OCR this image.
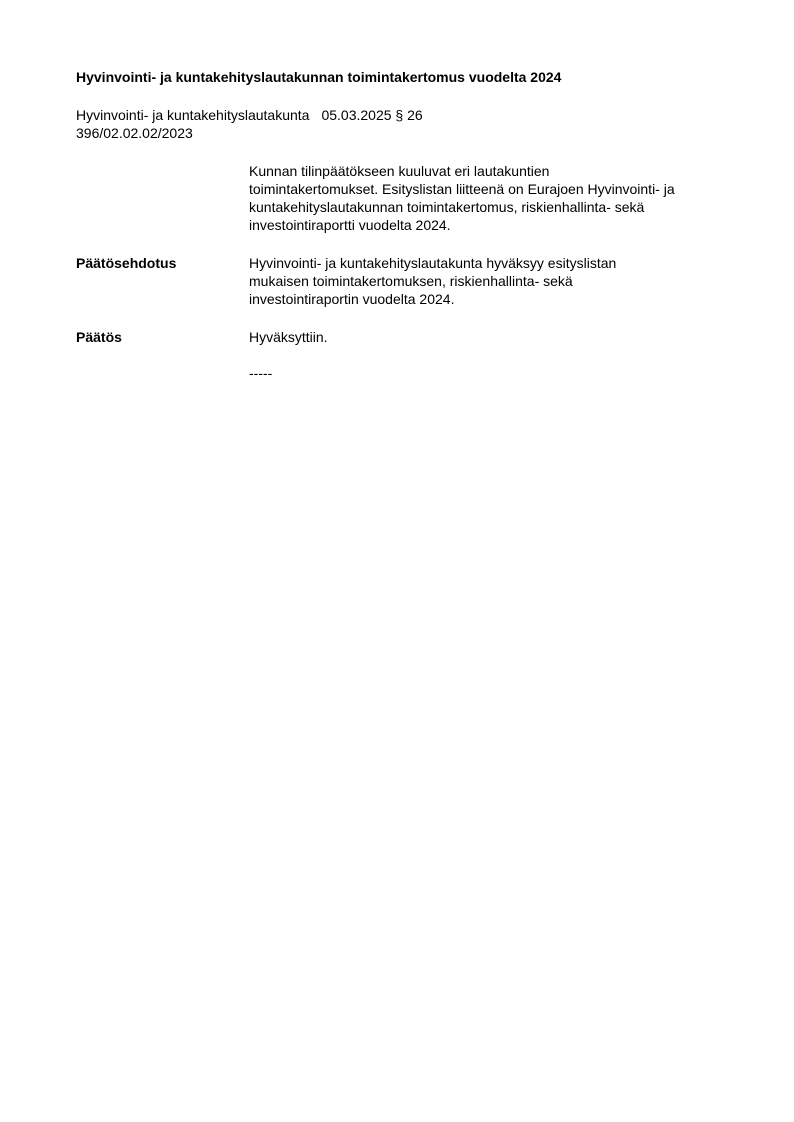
Hyvinvointi- ja kuntakehityslautakunnan toimintakertomus vuodelta 2024
Hyvinvointi- ja kuntakehityslautakunta 05.03.2025 § 26
396/02.02.02/2023
Kunnan tilinpäätökseen kuuluvat eri lautakuntien
toimintakertomukset. Esityslistan liitteenä on Eurajoen Hyvinvointi- ja
kuntakehityslautakunnan toimintakertomus, riskienhallinta- sekä
investointiraportti vuodelta 2024.
Päätösehdotus	Hyvinvointi- ja kuntakehityslautakunta hyväksyy esityslistan
mukaisen toimintakertomuksen, riskienhallinta- sekä
investointiraportin vuodelta 2024.
Päätös	Hyväksyttiin.
-----
